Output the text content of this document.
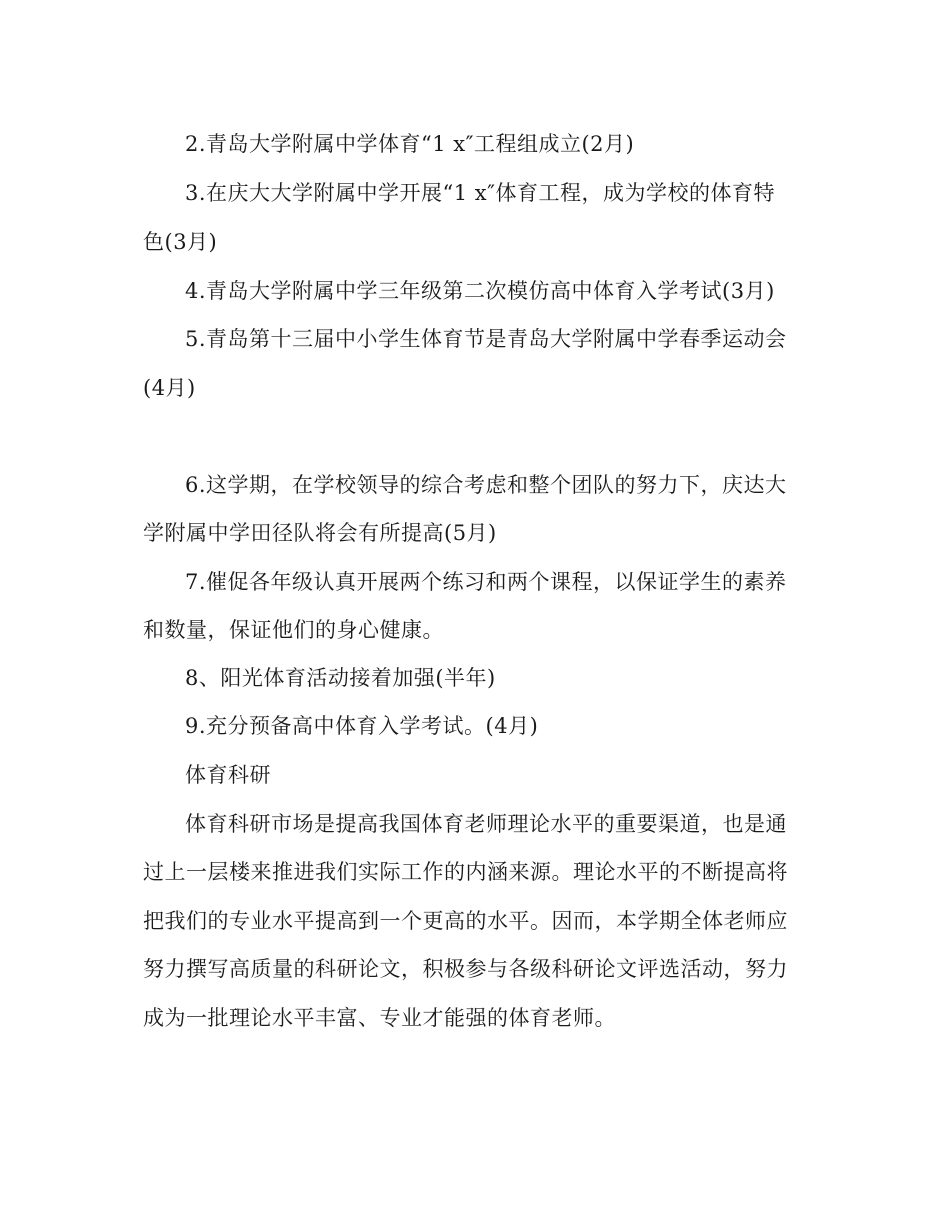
2.青岛大学附属中学体育“1 x″工程组成立(2月)
3.在庆大大学附属中学开展“1 x″体育工程，成为学校的体育特
色(3月)
4.青岛大学附属中学三年级第二次模仿高中体育入学考试(3月)
5.青岛第十三届中小学生体育节是青岛大学附属中学春季运动会
(4月)
6.这学期，在学校领导的综合考虑和整个团队的努力下，庆达大
学附属中学田径队将会有所提高(5月)
7.催促各年级认真开展两个练习和两个课程，以保证学生的素养
和数量，保证他们的身心健康。
8、阳光体育活动接着加强(半年)
9.充分预备高中体育入学考试。(4月)
体育科研
体育科研市场是提高我国体育老师理论水平的重要渠道，也是通
过上一层楼来推进我们实际工作的内涵来源。理论水平的不断提高将
把我们的专业水平提高到一个更高的水平。因而，本学期全体老师应
努力撰写高质量的科研论文，积极参与各级科研论文评选活动，努力
成为一批理论水平丰富、专业才能强的体育老师。
